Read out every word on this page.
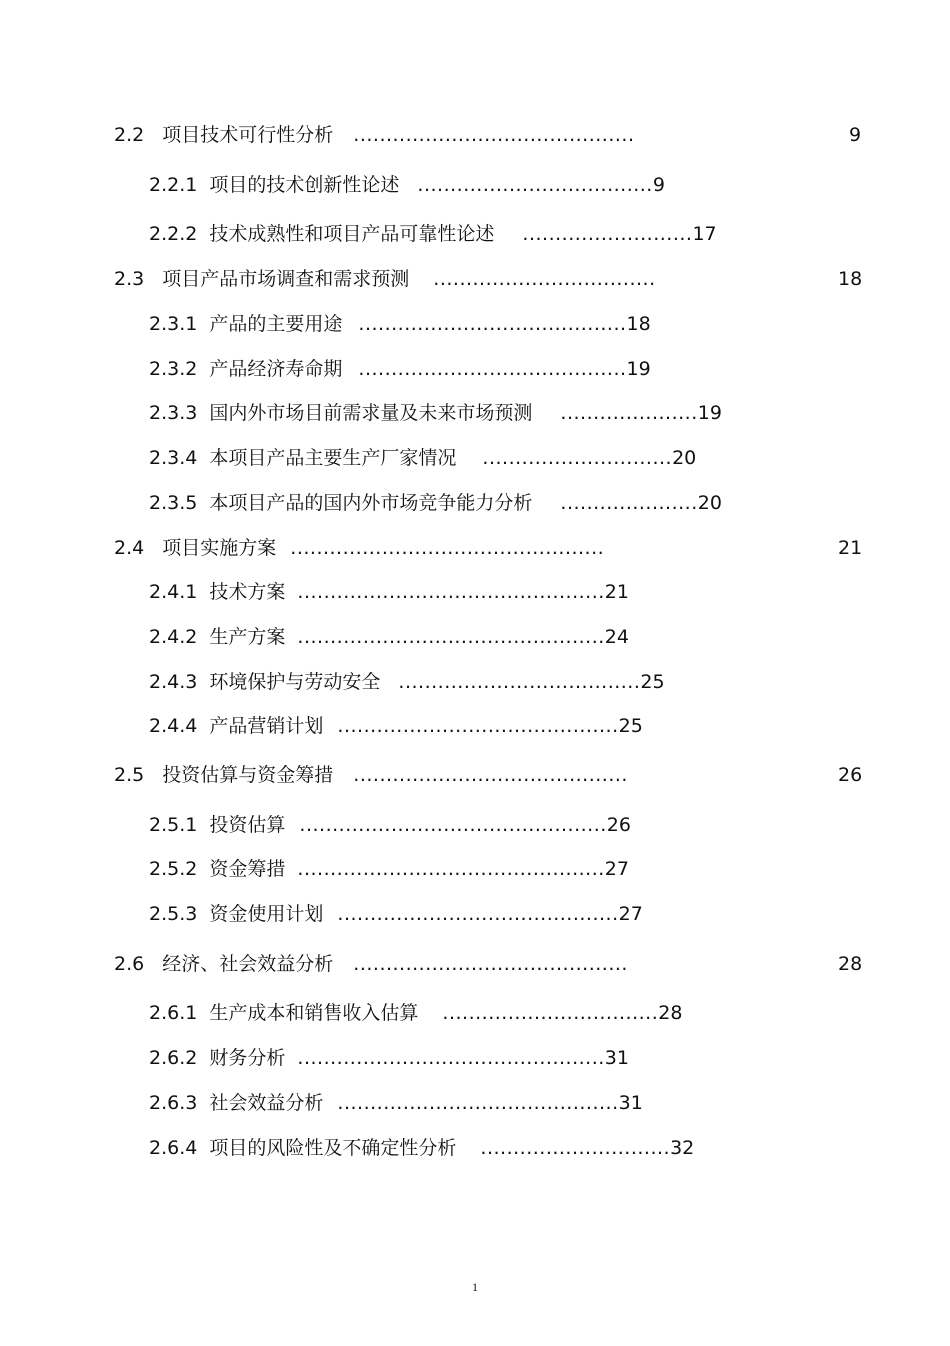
2.2 项目技术可行性分析 ...........................................	9
2.2.1 项目的技术创新性论述 ....................................9
2.2.2 技术成熟性和项目产品可靠性论述 ..........................17
2.3 项目产品市场调查和需求预测 ..................................	18
2.3.1 产品的主要用途 .........................................18
2.3.2 产品经济寿命期 .........................................19
2.3.3 国内外市场目前需求量及未来市场预测 .....................19
2.3.4 本项目产品主要生产厂家情况 .............................20
2.3.5 本项目产品的国内外市场竞争能力分析 .....................20
2.4 项目实施方案 ................................................	21
2.4.1 技术方案 ...............................................21
2.4.2 生产方案 ...............................................24
2.4.3 环境保护与劳动安全 .....................................25
2.4.4 产品营销计划 ...........................................25
2.5 投资估算与资金筹措 ..........................................	26
2.5.1 投资估算 ...............................................26
2.5.2 资金筹措 ...............................................27
2.5.3 资金使用计划 ...........................................27
2.6 经济、社会效益分析 ..........................................	28
2.6.1 生产成本和销售收入估算 .................................28
2.6.2 财务分析 ...............................................31
2.6.3 社会效益分析 ...........................................31
2.6.4 项目的风险性及不确定性分析 .............................32
1
